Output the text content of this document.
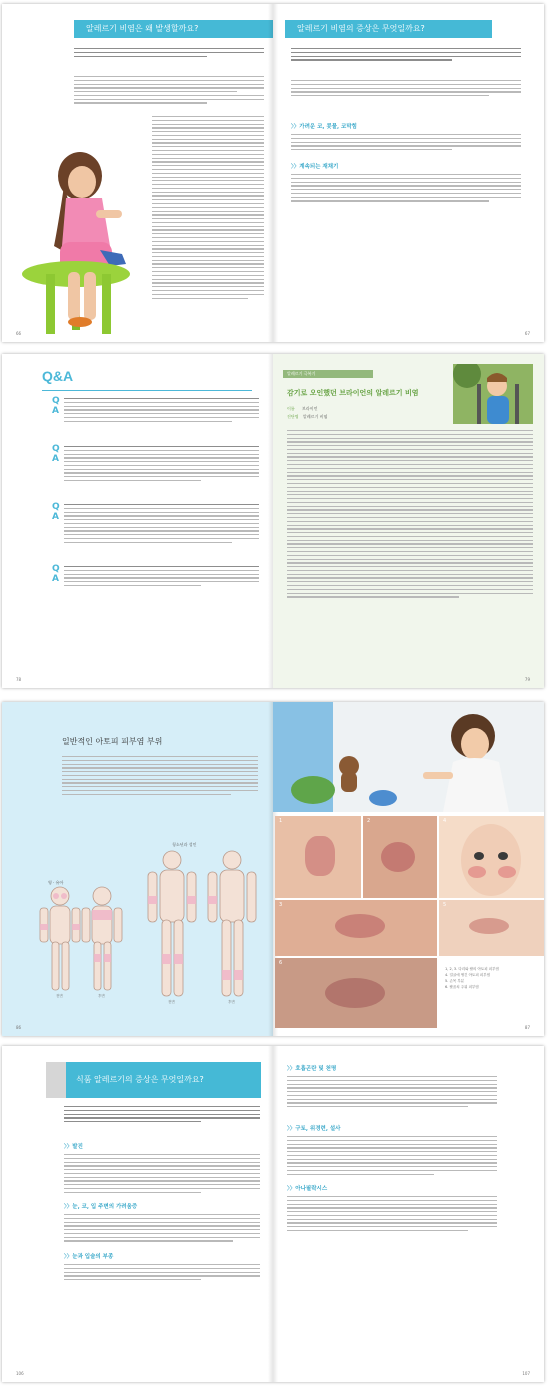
알레르기 비염은 왜 발생할까요?
66
알레르기 비염의 증상은 무엇일까요?
〉〉가려운 코, 콧물, 코막힘
〉〉계속되는 재채기
67
Q&A
Q
A
Q
A
Q
A
Q
A
78
알레르기 극복기
감기로 오인했던 브라이언의 알레르기 비염
이름 브라이언
진단명 알레르기 비염
79
일반적인 아토피 피부염 부위
영 · 유아
청소년과 성인
전면	후면
전면	후면
86
1	2
3
4
5
6
1, 2, 3. 다리와 팔의 아토피 피부염
4. 얼굴에 생긴 아토피 피부염
5. 손목 부분
6. 팔꿈치 주위 피부염
87
식품 알레르기의 증상은 무엇일까요?
〉〉발진
〉〉눈, 코, 입 주변의 가려움증
〉〉눈과 입술의 부종
106
〉〉호흡곤란 및 천명
〉〉구토, 위경련, 설사
〉〉아나필락시스
107
